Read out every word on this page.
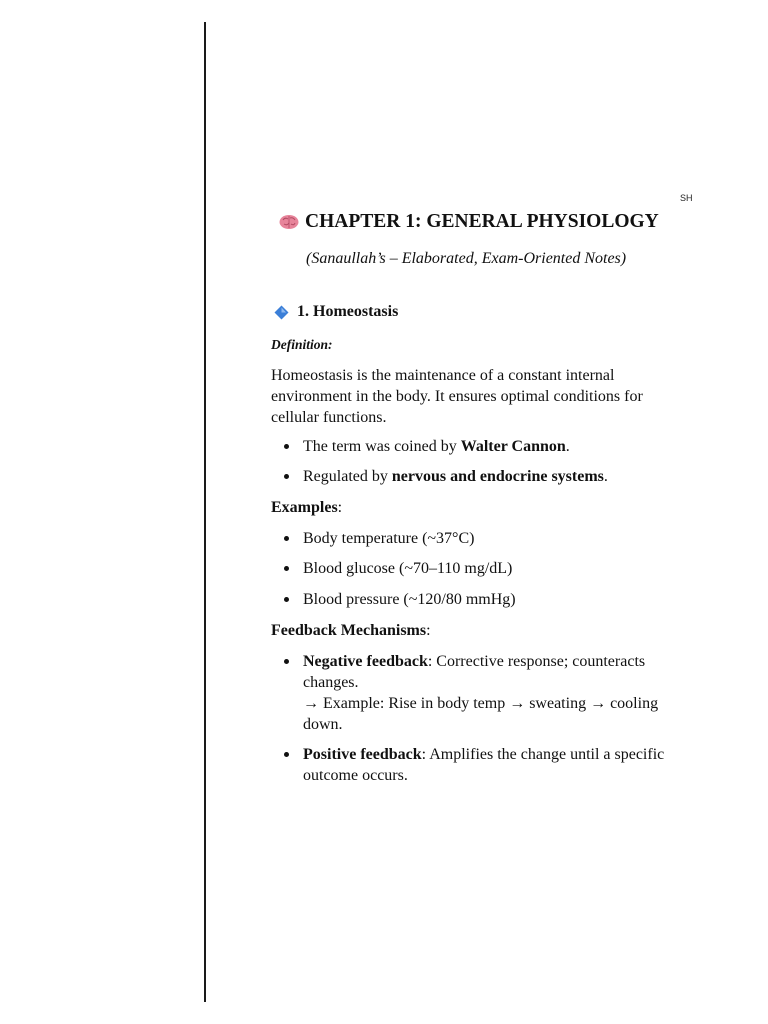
SH
CHAPTER 1: GENERAL PHYSIOLOGY
(Sanaullah’s – Elaborated, Exam-Oriented Notes)
1. Homeostasis
Definition:
Homeostasis is the maintenance of a constant internal environment in the body. It ensures optimal conditions for cellular functions.
The term was coined by Walter Cannon.
Regulated by nervous and endocrine systems.
Examples:
Body temperature (~37°C)
Blood glucose (~70–110 mg/dL)
Blood pressure (~120/80 mmHg)
Feedback Mechanisms:
Negative feedback: Corrective response; counteracts changes.
→ Example: Rise in body temp → sweating → cooling down.
Positive feedback: Amplifies the change until a specific outcome occurs.
